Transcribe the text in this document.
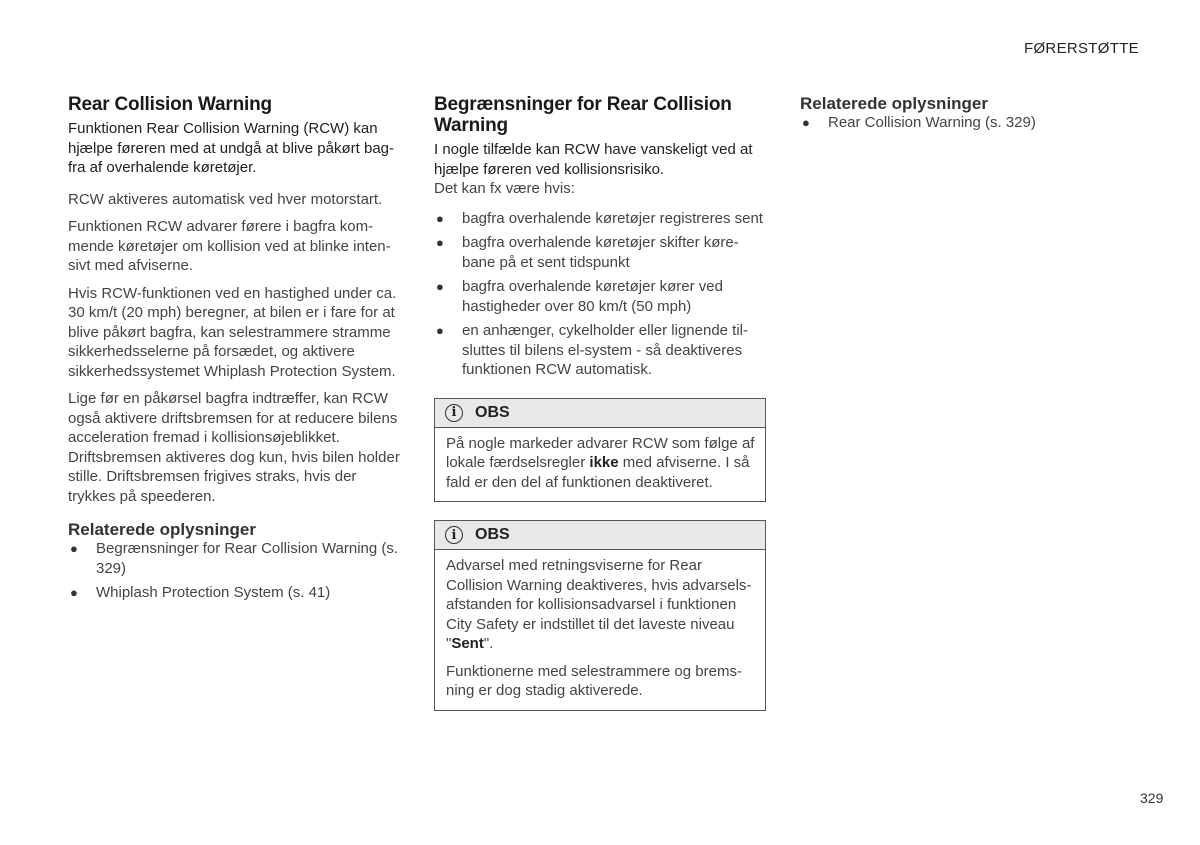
FØRERSTØTTE
Rear Collision Warning
Funktionen Rear Collision Warning (RCW) kan hjælpe føreren med at undgå at blive påkørt bagfra af overhalende køretøjer.

RCW aktiveres automatisk ved hver motorstart.

Funktionen RCW advarer førere i bagfra kommende køretøjer om kollision ved at blinke intensivt med afviserne.

Hvis RCW-funktionen ved en hastighed under ca. 30 km/t (20 mph) beregner, at bilen er i fare for at blive påkørt bagfra, kan selestrammere stramme sikkerhedsselerne på forsædet, og aktivere sikkerhedssystemet Whiplash Protection System.

Lige før en påkørsel bagfra indtræffer, kan RCW også aktivere driftsbremsen for at reducere bilens acceleration fremad i kollisionsøjeblikket. Driftsbremsen aktiveres dog kun, hvis bilen holder stille. Driftsbremsen frigives straks, hvis der trykkes på speederen.

Relaterede oplysninger
● Begrænsninger for Rear Collision Warning (s. 329)
● Whiplash Protection System (s. 41)
Begrænsninger for Rear Collision Warning
I nogle tilfælde kan RCW have vanskeligt ved at hjælpe føreren ved kollisionsrisiko.

Det kan fx være hvis:

● bagfra overhalende køretøjer registreres sent
● bagfra overhalende køretøjer skifter kørebane på et sent tidspunkt
● bagfra overhalende køretøjer kører ved hastigheder over 80 km/t (50 mph)
● en anhænger, cykelholder eller lignende tilsluttes til bilens el-system - så deaktiveres funktionen RCW automatisk.
i	OBS

På nogle markeder advarer RCW som følge af lokale færdselsregler ikke med afviserne. I så fald er den del af funktionen deaktiveret.

i	OBS

Advarsel med retningsviserne for Rear Collision Warning deaktiveres, hvis advarselsafstanden for kollisionsadvarsel i funktionen City Safety er indstillet til det laveste niveau "Sent".

Funktionerne med selestrammere og bremsning er dog stadig aktiverede.

Relaterede oplysninger
● Rear Collision Warning (s. 329)
329
